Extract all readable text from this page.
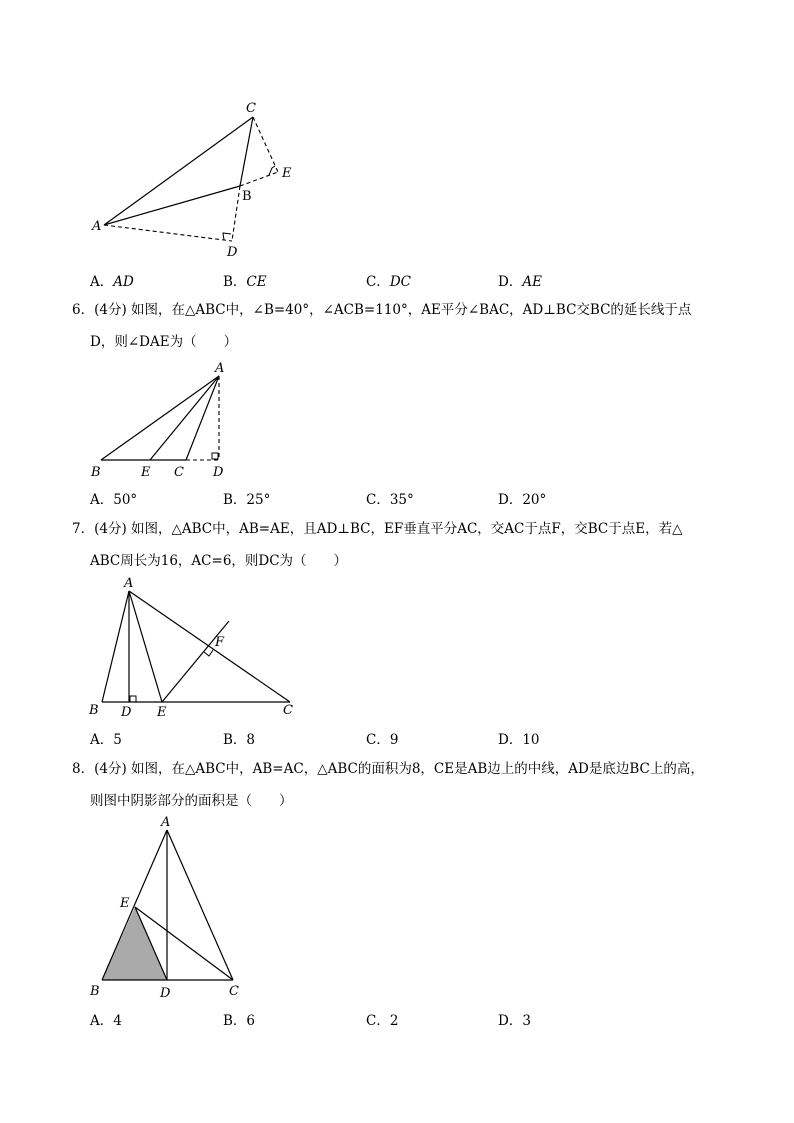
C
E
B
A
D
A．AD	B．CE	C．DC	D．AE
6．(4分) 如图，在△ABC中，∠B=40°，∠ACB=110°，AE平分∠BAC，AD⊥BC交BC的延长线于点
D，则∠DAE为（　　）
A
B	E C D
A．50°	B．25°	C．35°	D．20°
7．(4分) 如图，△ABC中，AB=AE，且AD⊥BC，EF垂直平分AC，交AC于点F，交BC于点E，若△
ABC周长为16，AC=6，则DC为（　　）
A
F
B D E	C
A．5	B．8	C．9	D．10
8．(4分) 如图，在△ABC中，AB=AC，△ABC的面积为8，CE是AB边上的中线，AD是底边BC上的高，
则图中阴影部分的面积是（　　）
A
E
B	D	C
A．4	B．6	C．2	D．3
